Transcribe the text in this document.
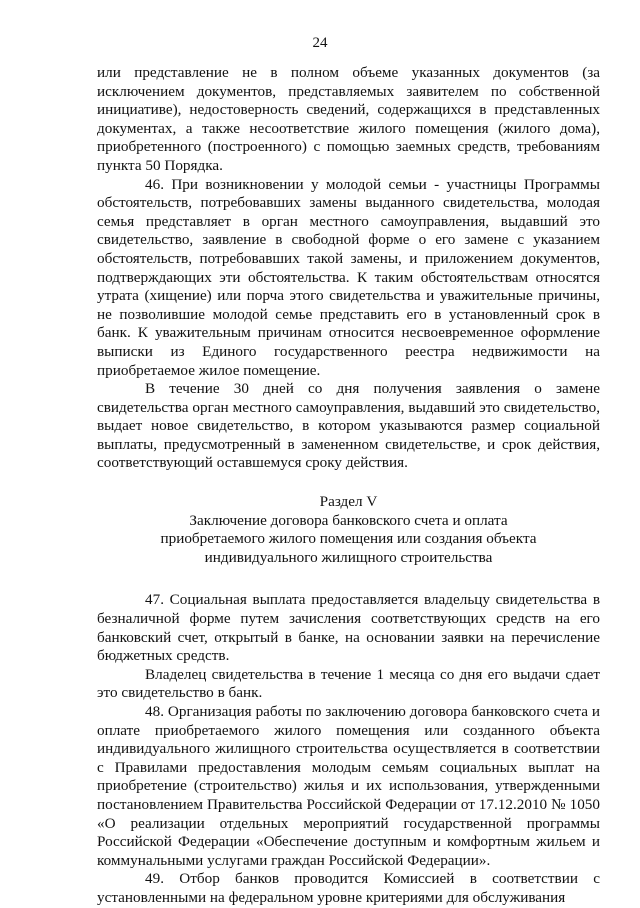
24

или представление не в полном объеме указанных документов (за исключением документов, представляемых заявителем по собственной инициативе), недостоверность сведений, содержащихся в представленных документах, а также несоответствие жилого помещения (жилого дома), приобретенного (построенного) с помощью заемных средств, требованиям пункта 50 Порядка.

46. При возникновении у молодой семьи - участницы Программы обстоятельств, потребовавших замены выданного свидетельства, молодая семья представляет в орган местного самоуправления, выдавший это свидетельство, заявление в свободной форме о его замене с указанием обстоятельств, потребовавших такой замены, и приложением документов, подтверждающих эти обстоятельства. К таким обстоятельствам относятся утрата (хищение) или порча этого свидетельства и уважительные причины, не позволившие молодой семье представить его в установленный срок в банк. К уважительным причинам относится несвоевременное оформление выписки из Единого государственного реестра недвижимости на приобретаемое жилое помещение.

В течение 30 дней со дня получения заявления о замене свидетельства орган местного самоуправления, выдавший это свидетельство, выдает новое свидетельство, в котором указываются размер социальной выплаты, предусмотренный в замененном свидетельстве, и срок действия, соответствующий оставшемуся сроку действия.

Раздел V
Заключение договора банковского счета и оплата
приобретаемого жилого помещения или создания объекта
индивидуального жилищного строительства

47. Социальная выплата предоставляется владельцу свидетельства в безналичной форме путем зачисления соответствующих средств на его банковский счет, открытый в банке, на основании заявки на перечисление бюджетных средств.

Владелец свидетельства в течение 1 месяца со дня его выдачи сдает это свидетельство в банк.

48. Организация работы по заключению договора банковского счета и оплате приобретаемого жилого помещения или созданного объекта индивидуального жилищного строительства осуществляется в соответствии с Правилами предоставления молодым семьям социальных выплат на приобретение (строительство) жилья и их использования, утвержденными постановлением Правительства Российской Федерации от 17.12.2010 № 1050 «О реализации отдельных мероприятий государственной программы Российской Федерации «Обеспечение доступным и комфортным жильем и коммунальными услугами граждан Российской Федерации».

49. Отбор банков проводится Комиссией в соответствии с установленными на федеральном уровне критериями для обслуживания
